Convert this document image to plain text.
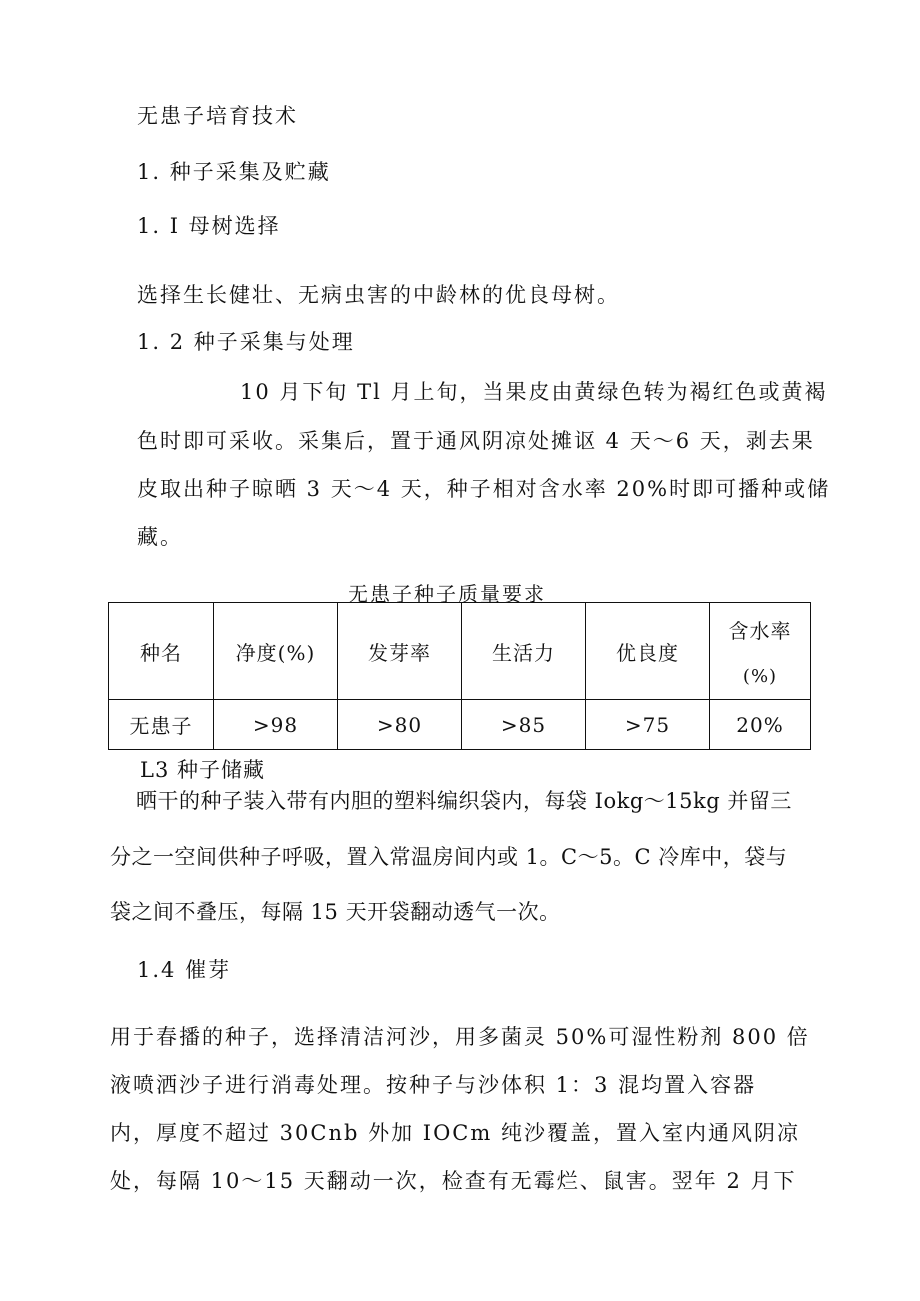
无患子培育技术
1. 种子采集及贮藏
1. I 母树选择
选择生长健壮、无病虫害的中龄林的优良母树。
1. 2 种子采集与处理
10 月下旬 Tl 月上旬，当果皮由黄绿色转为褐红色或黄褐
色时即可采收。采集后，置于通风阴凉处摊讴 4 天～6 天，剥去果
皮取出种子晾晒 3 天～4 天，种子相对含水率 20%时即可播种或储
藏。
无患子种子质量要求
种名	净度(%)	发芽率	生活力	优良度	含水率
(%)

无患子	>98	>80	>85	>75	20%
L3 种子储藏
晒干的种子装入带有内胆的塑料编织袋内，每袋 Iokg～15kg 并留三
分之一空间供种子呼吸，置入常温房间内或 1。C～5。C 冷库中，袋与
袋之间不叠压，每隔 15 天开袋翻动透气一次。
1.4 催芽
用于春播的种子，选择清洁河沙，用多菌灵 50%可湿性粉剂 800 倍
液喷洒沙子进行消毒处理。按种子与沙体积 1：3 混均置入容器
内，厚度不超过 30Cnb 外加 IOCm 纯沙覆盖，置入室内通风阴凉
处，每隔 10～15 天翻动一次，检查有无霉烂、鼠害。翌年 2 月下
